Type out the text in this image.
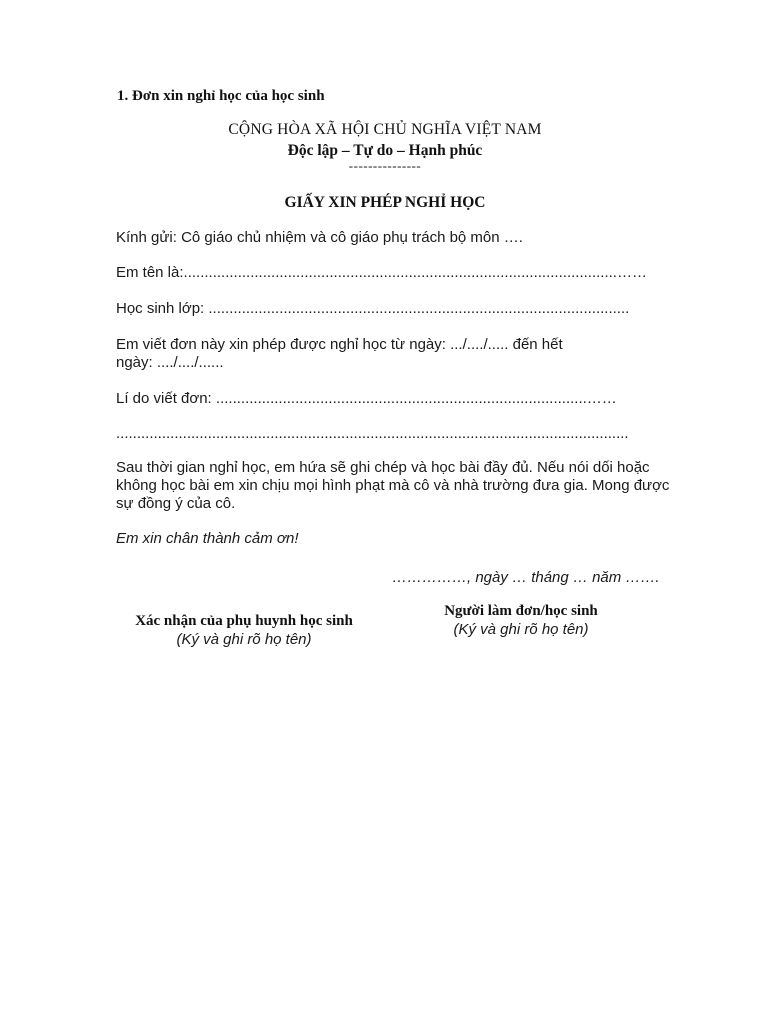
1. Đơn xin nghỉ học của học sinh
CỘNG HÒA XÃ HỘI CHỦ NGHĨA VIỆT NAM
Độc lập – Tự do – Hạnh phúc
---------------
GIẤY XIN PHÉP NGHỈ HỌC
Kính gửi: Cô giáo chủ nhiệm và cô giáo phụ trách bộ môn ….
Em tên là:........................................................................................................……
Học sinh lớp: .....................................................................................................
Em viết đơn này xin phép được nghỉ học từ ngày: .../..../..... đến hết
ngày: ..../..../......
Lí do viết đơn: .........................................................................................……
...........................................................................................................................
Sau thời gian nghỉ học, em hứa sẽ ghi chép và học bài đầy đủ. Nếu nói dối hoặc không học bài em xin chịu mọi hình phạt mà cô và nhà trường đưa gia. Mong được sự đồng ý của cô.
Em xin chân thành cảm ơn!
……………, ngày … tháng … năm …….
Xác nhận của phụ huynh học sinh
(Ký và ghi rõ họ tên)
Người làm đơn/học sinh
(Ký và ghi rõ họ tên)
